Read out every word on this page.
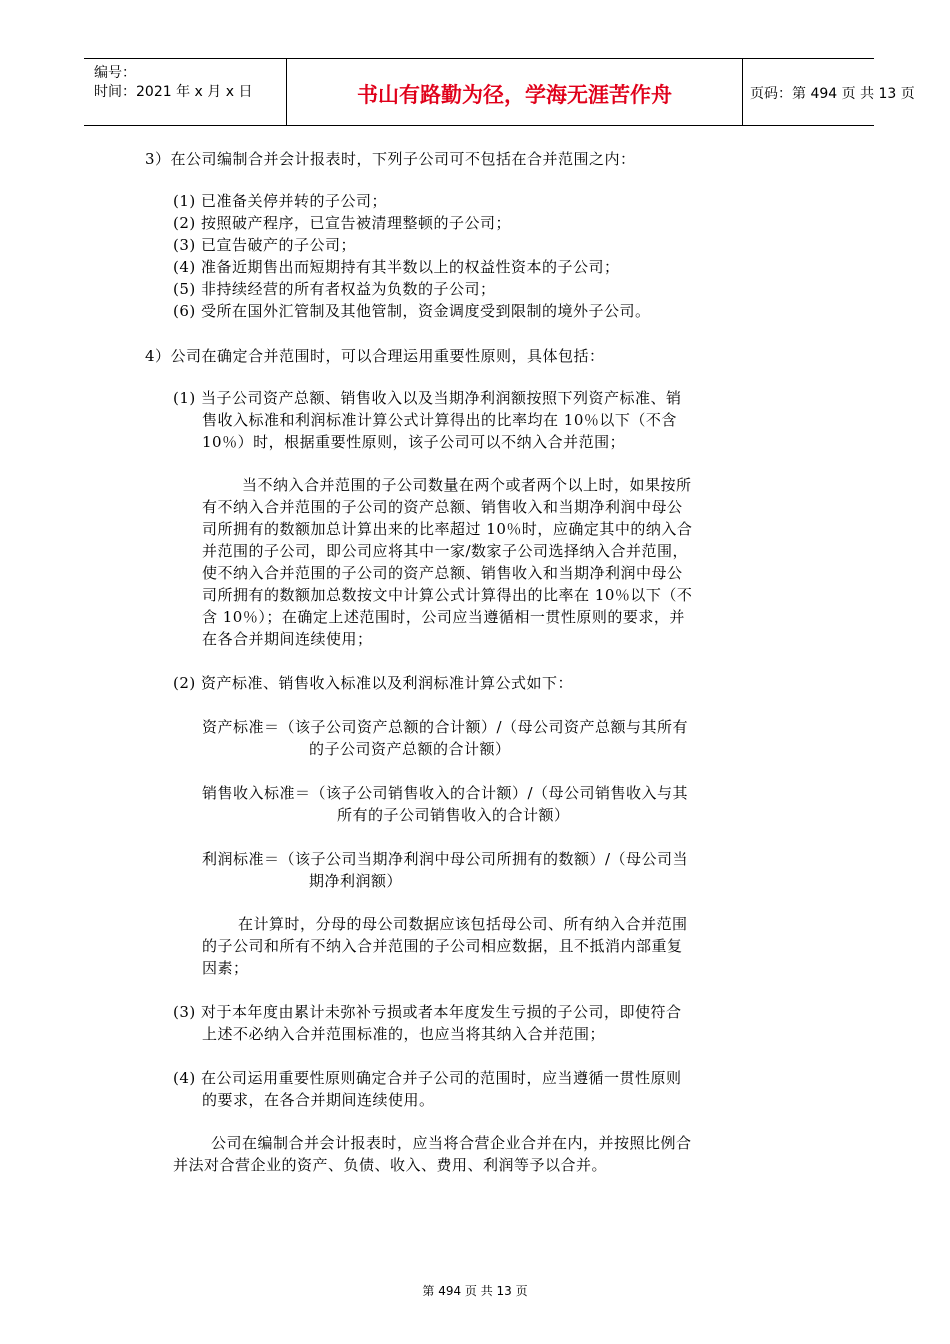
编号：
时间：2021 年 x 月 x 日	书山有路勤为径，学海无涯苦作舟	页码：第 494 页 共 13 页
3）在公司编制合并会计报表时，下列子公司可不包括在合并范围之内：
(1) 已准备关停并转的子公司；
(2) 按照破产程序，已宣告被清理整顿的子公司；
(3) 已宣告破产的子公司；
(4) 准备近期售出而短期持有其半数以上的权益性资本的子公司；
(5) 非持续经营的所有者权益为负数的子公司；
(6) 受所在国外汇管制及其他管制，资金调度受到限制的境外子公司。
4）公司在确定合并范围时，可以合理运用重要性原则，具体包括：
(1) 当子公司资产总额、销售收入以及当期净利润额按照下列资产标准、销
售收入标准和利润标准计算公式计算得出的比率均在 10％以下（不含
10％）时，根据重要性原则，该子公司可以不纳入合并范围；
当不纳入合并范围的子公司数量在两个或者两个以上时，如果按所
有不纳入合并范围的子公司的资产总额、销售收入和当期净利润中母公
司所拥有的数额加总计算出来的比率超过 10％时，应确定其中的纳入合
并范围的子公司，即公司应将其中一家/数家子公司选择纳入合并范围，
使不纳入合并范围的子公司的资产总额、销售收入和当期净利润中母公
司所拥有的数额加总数按文中计算公式计算得出的比率在 10％以下（不
含 10％）；在确定上述范围时，公司应当遵循相一贯性原则的要求，并
在各合并期间连续使用；
(2) 资产标准、销售收入标准以及利润标准计算公式如下：
资产标准＝（该子公司资产总额的合计额）/（母公司资产总额与其所有
的子公司资产总额的合计额）
销售收入标准＝（该子公司销售收入的合计额）/（母公司销售收入与其
所有的子公司销售收入的合计额）
利润标准＝（该子公司当期净利润中母公司所拥有的数额）/（母公司当
期净利润额）
在计算时，分母的母公司数据应该包括母公司、所有纳入合并范围
的子公司和所有不纳入合并范围的子公司相应数据，且不抵消内部重复
因素；
(3) 对于本年度由累计未弥补亏损或者本年度发生亏损的子公司，即使符合
上述不必纳入合并范围标准的，也应当将其纳入合并范围；
(4) 在公司运用重要性原则确定合并子公司的范围时，应当遵循一贯性原则
的要求，在各合并期间连续使用。
公司在编制合并会计报表时，应当将合营企业合并在内，并按照比例合
并法对合营企业的资产、负债、收入、费用、利润等予以合并。
第 494 页 共 13 页
